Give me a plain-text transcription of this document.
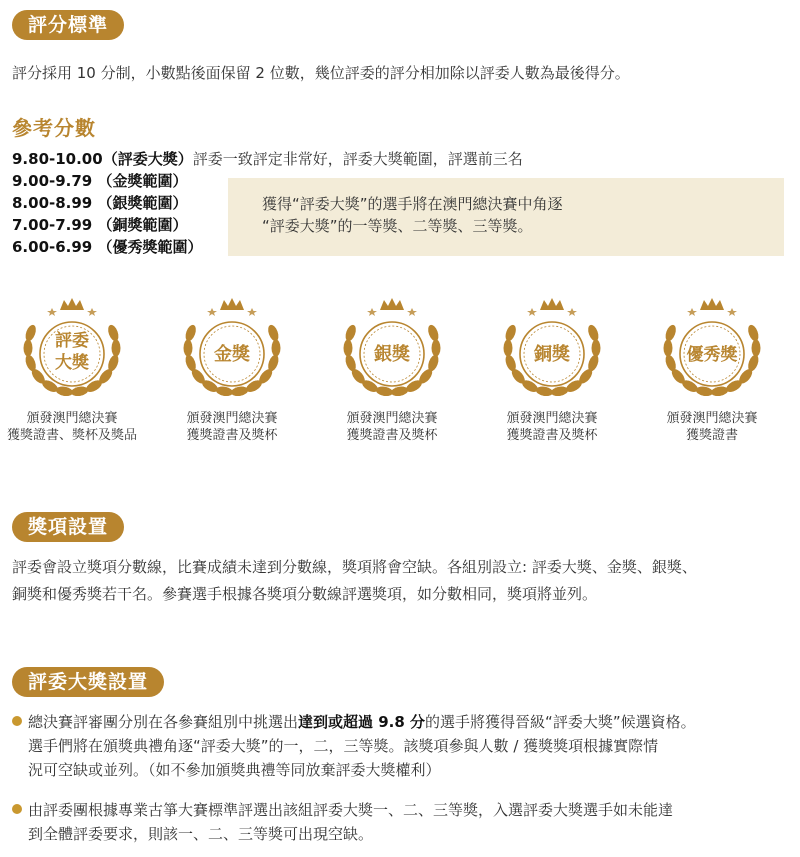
評分標準
評分採用 10 分制，小數點後面保留 2 位數，幾位評委的評分相加除以評委人數為最後得分。
參考分數
9.80-10.00（評委大獎）評委一致評定非常好，評委大獎範圍，評選前三名
9.00-9.79 （金獎範圍）
8.00-8.99 （銀獎範圍）
7.00-7.99 （銅獎範圍）
6.00-6.99 （優秀獎範圍）
獲得“評委大獎”的選手將在澳門總決賽中角逐
“評委大獎”的一等獎、二等獎、三等獎。
評委
大獎
頒發澳門總決賽
獲獎證書、獎杯及獎品
金獎
頒發澳門總決賽
獲獎證書及獎杯
銀獎
頒發澳門總決賽
獲獎證書及獎杯
銅獎
頒發澳門總決賽
獲獎證書及獎杯
優秀獎
頒發澳門總決賽
獲獎證書
獎項設置
評委會設立獎項分數線，比賽成績未達到分數線，獎項將會空缺。各組別設立: 評委大獎、金獎、銀獎、
銅獎和優秀獎若干名。參賽選手根據各獎項分數線評選獎項，如分數相同，獎項將並列。
評委大獎設置
總決賽評審團分別在各參賽組別中挑選出達到或超過 9.8 分的選手將獲得晉級“評委大獎”候選資格。
選手們將在頒獎典禮角逐“評委大獎”的一，二，三等獎。該獎項參與人數 / 獲獎獎項根據實際情
況可空缺或並列。（如不參加頒獎典禮等同放棄評委大獎權利）
由評委團根據專業古箏大賽標準評選出該組評委大獎一、二、三等獎，入選評委大獎選手如未能達
到全體評委要求，則該一、二、三等獎可出現空缺。
